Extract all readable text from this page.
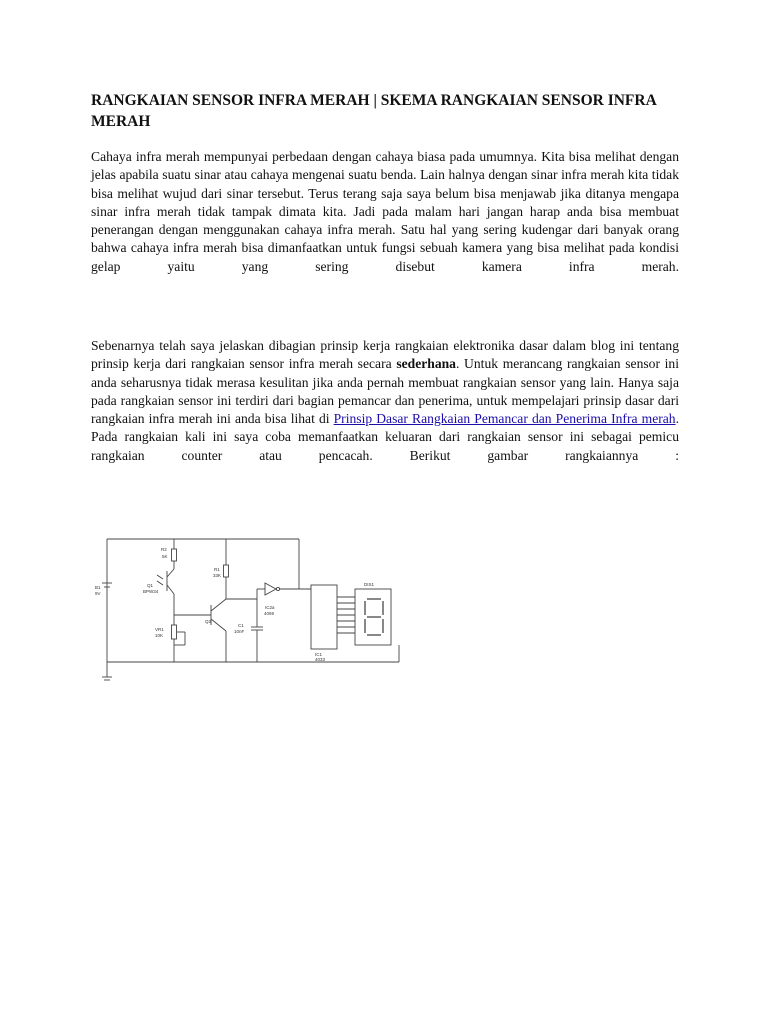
RANGKAIAN SENSOR INFRA MERAH | SKEMA RANGKAIAN SENSOR INFRA MERAH

Cahaya infra merah mempunyai perbedaan dengan cahaya biasa pada umumnya. Kita bisa melihat dengan jelas apabila suatu sinar atau cahaya mengenai suatu benda. Lain halnya dengan sinar infra merah kita tidak bisa melihat wujud dari sinar tersebut. Terus terang saja saya belum bisa menjawab jika ditanya mengapa sinar infra merah tidak tampak dimata kita. Jadi pada malam hari jangan harap anda bisa membuat penerangan dengan menggunakan cahaya infra merah. Satu hal yang sering kudengar dari banyak orang bahwa cahaya infra merah bisa dimanfaatkan untuk fungsi sebuah kamera yang bisa melihat pada kondisi gelap yaitu yang sering disebut kamera infra merah.

Sebenarnya telah saya jelaskan dibagian prinsip kerja rangkaian elektronika dasar dalam blog ini tentang prinsip kerja dari rangkaian sensor infra merah secara sederhana. Untuk merancang rangkaian sensor ini anda seharusnya tidak merasa kesulitan jika anda pernah membuat rangkaian sensor yang lain. Hanya saja pada rangkaian sensor ini terdiri dari bagian pemancar dan penerima, untuk mempelajari prinsip dasar dari rangkaian infra merah ini anda bisa lihat di Prinsip Dasar Rangkaian Pemancar dan Penerima Infra merah. Pada rangkaian kali ini saya coba memanfaatkan keluaran dari rangkaian sensor ini sebagai pemicu rangkaian counter atau pencacah. Berikut gambar rangkaiannya :

R2
5K
Q1
BPW34
R1
33K
B1
9V
Q2
VR1
10K
IC2a
4069
C1
10nF
IC1
4033
DIS1
